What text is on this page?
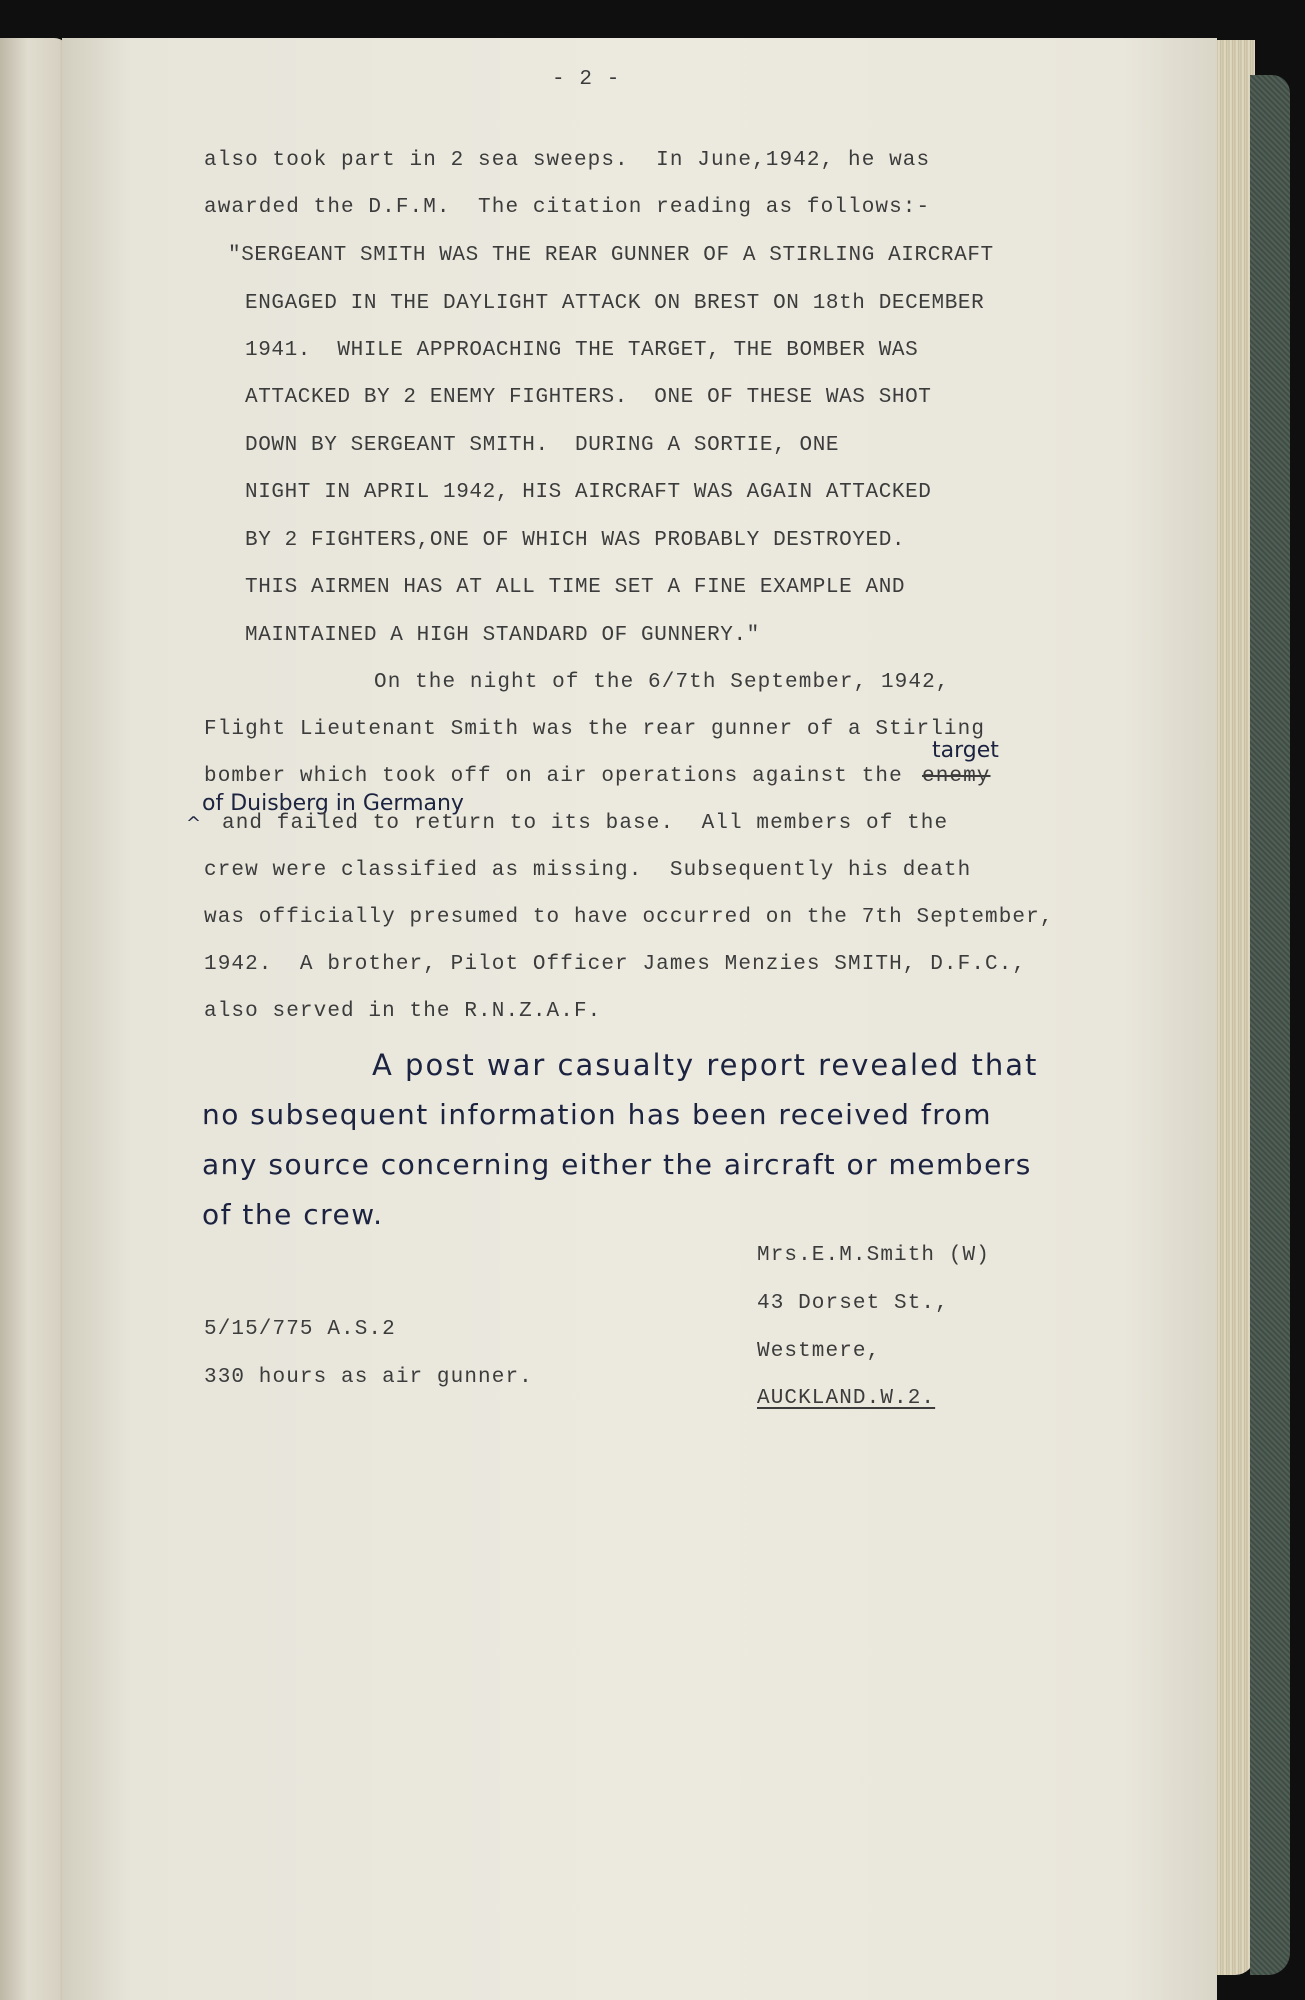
- 2 -
also took part in 2 sea sweeps.  In June,1942, he was
awarded the D.F.M.  The citation reading as follows:-
"SERGEANT SMITH WAS THE REAR GUNNER OF A STIRLING AIRCRAFT
ENGAGED IN THE DAYLIGHT ATTACK ON BREST ON 18th DECEMBER
1941.  WHILE APPROACHING THE TARGET, THE BOMBER WAS
ATTACKED BY 2 ENEMY FIGHTERS.  ONE OF THESE WAS SHOT
DOWN BY SERGEANT SMITH.  DURING A SORTIE, ONE
NIGHT IN APRIL 1942, HIS AIRCRAFT WAS AGAIN ATTACKED
BY 2 FIGHTERS,ONE OF WHICH WAS PROBABLY DESTROYED.
THIS AIRMEN HAS AT ALL TIME SET A FINE EXAMPLE AND
MAINTAINED A HIGH STANDARD OF GUNNERY."
On the night of the 6/7th September, 1942,
Flight Lieutenant Smith was the rear gunner of a Stirling
target
bomber which took off on air operations against the enemy
of Duisberg in Germany
^ and failed to return to its base.  All members of the
crew were classified as missing.  Subsequently his death
was officially presumed to have occurred on the 7th September,
1942.  A brother, Pilot Officer James Menzies SMITH, D.F.C.,
also served in the R.N.Z.A.F.
A post war casualty report revealed that
no subsequent information has been received from
any source concerning either the aircraft or members
of the crew.
Mrs.E.M.Smith (W)
43 Dorset St.,
Westmere,
AUCKLAND.W.2.
5/15/775 A.S.2
330 hours as air gunner.
